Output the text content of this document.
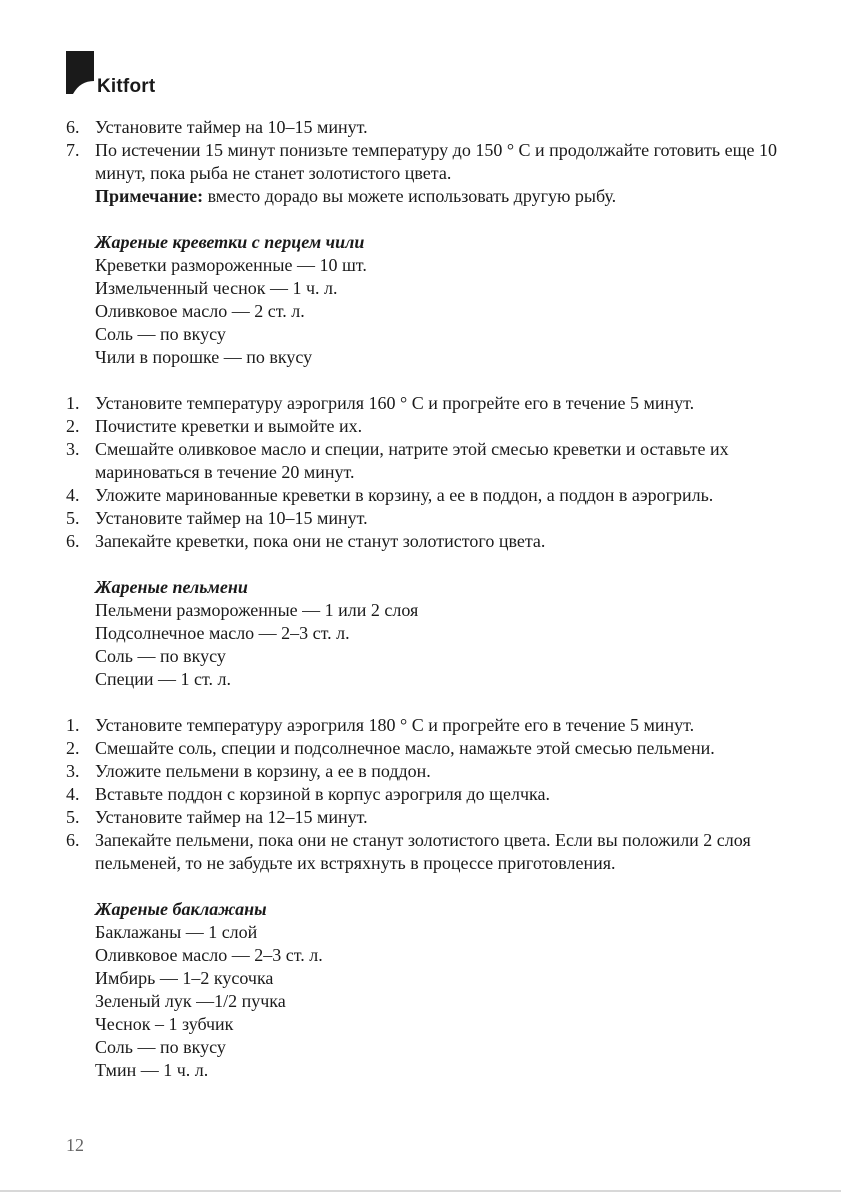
Kitfort
6. Установите таймер на 10–15 минут.
7. По истечении 15 минут понизьте температуру до 150 ° С и продолжайте готовить еще 10 минут, пока рыба не станет золотистого цвета.
Примечание: вместо дорадо вы можете использовать другую рыбу.
Жареные креветки с перцем чили
Креветки размороженные — 10 шт.
Измельченный чеснок — 1 ч. л.
Оливковое масло — 2 ст. л.
Соль — по вкусу
Чили в порошке — по вкусу
1. Установите температуру аэрогриля 160 ° С и прогрейте его в течение 5 минут.
2. Почистите креветки и вымойте их.
3. Смешайте оливковое масло и специи, натрите этой смесью креветки и оставьте их мариноваться в течение 20 минут.
4. Уложите маринованные креветки в корзину, а ее в поддон, а поддон в аэрогриль.
5. Установите таймер на 10–15 минут.
6. Запекайте креветки, пока они не станут золотистого цвета.
Жареные пельмени
Пельмени размороженные — 1 или 2 слоя
Подсолнечное масло — 2–3 ст. л.
Соль — по вкусу
Специи — 1 ст. л.
1. Установите температуру аэрогриля 180 ° С и прогрейте его в течение 5 минут.
2. Смешайте соль, специи и подсолнечное масло, намажьте этой смесью пельмени.
3. Уложите пельмени в корзину, а ее в поддон.
4. Вставьте поддон с корзиной в корпус аэрогриля до щелчка.
5. Установите таймер на 12–15 минут.
6. Запекайте пельмени, пока они не станут золотистого цвета. Если вы положили 2 слоя пельменей, то не забудьте их встряхнуть в процессе приготовления.
Жареные баклажаны
Баклажаны — 1 слой
Оливковое масло — 2–3 ст. л.
Имбирь — 1–2 кусочка
Зеленый лук —1/2 пучка
Чеснок – 1 зубчик
Соль — по вкусу
Тмин — 1 ч. л.
12
